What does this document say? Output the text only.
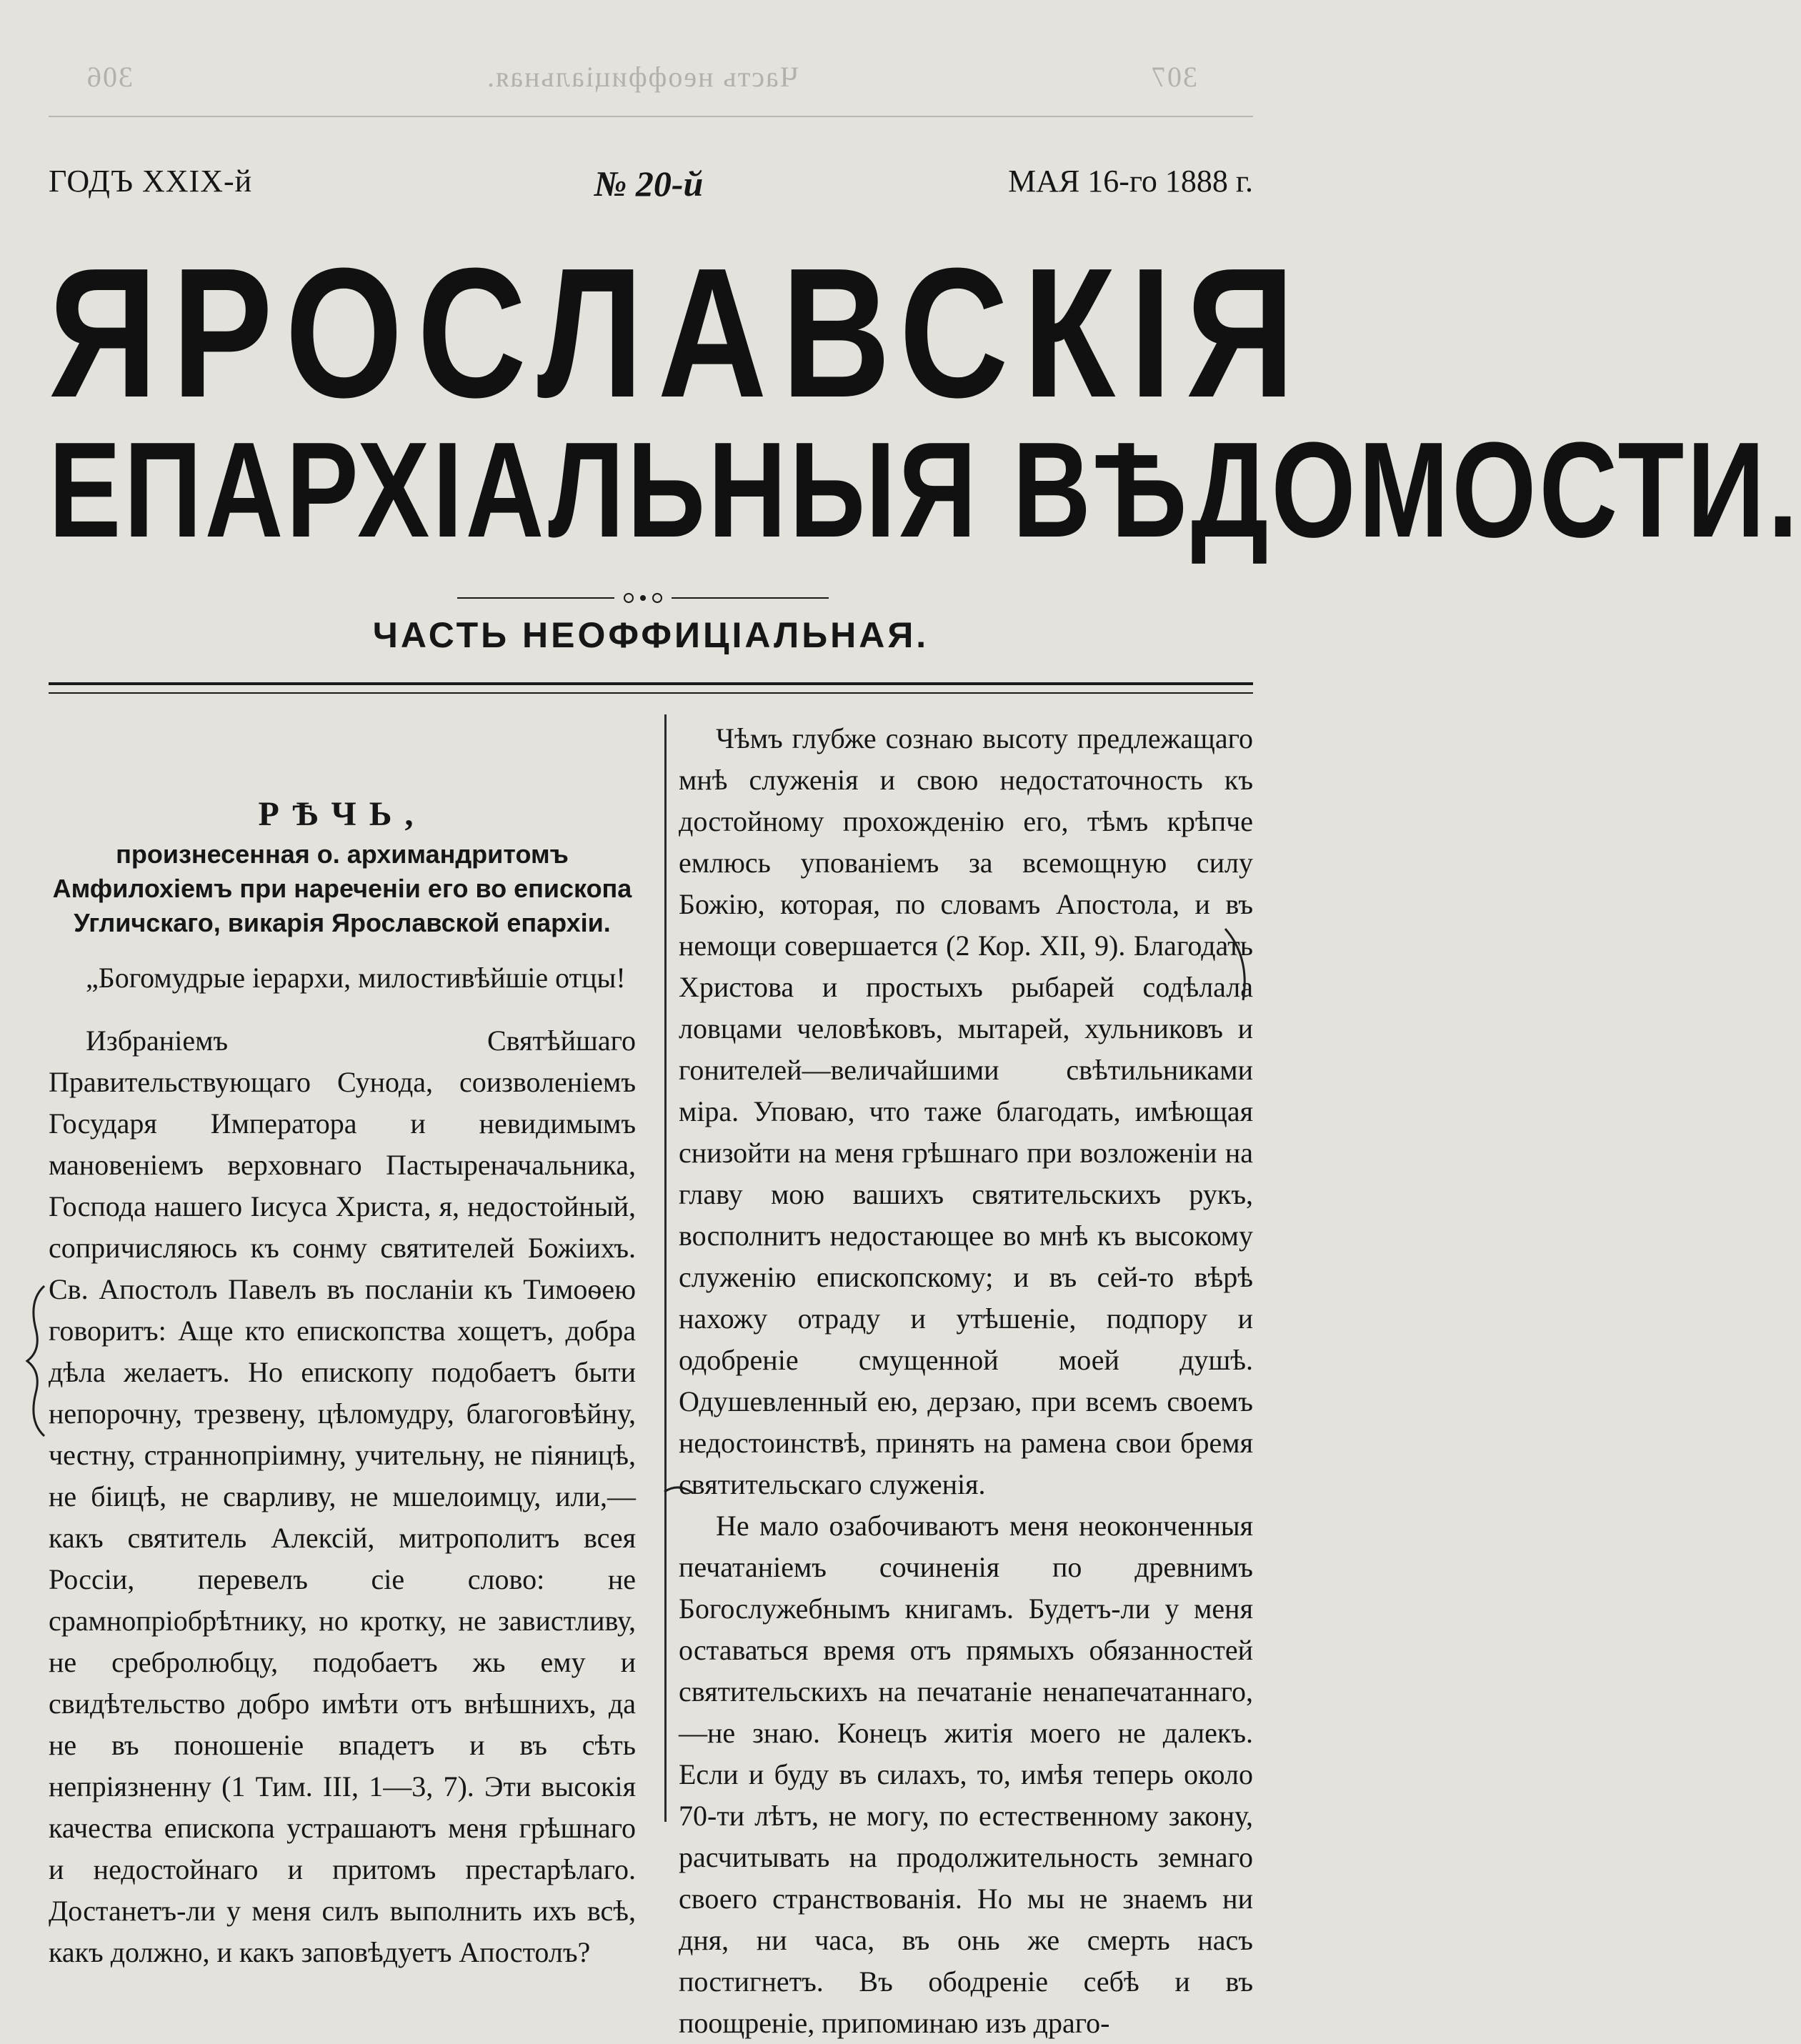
306	Часть неоффиціальная.	307
ГОДЪ XXIX-й	№ 20-й	МАЯ 16-го 1888 г.
ЯРОСЛАВСКІЯ
ЕПАРХІАЛЬНЫЯ ВѢДОМОСТИ.
ЧАСТЬ НЕОФФИЦІАЛЬНАЯ.
РѢЧЬ,
произнесенная о. архимандритомъ Амфилохіемъ при нареченіи его во епископа Угличскаго, викарія Ярославской епархіи.

„Богомудрые іерархи, милостивѣйшіе отцы!

Избраніемъ Святѣйшаго Правительствующаго Сунода, соизволеніемъ Государя Императора и невидимымъ мановеніемъ верховнаго Пастыреначальника, Господа нашего Іисуса Христа, я, недостойный, сопричисляюсь къ сонму святителей Божіихъ. Св. Апостолъ Павелъ въ посланіи къ Тимоѳею говоритъ: Аще кто епископства хощетъ, добра дѣла желаетъ. Но епископу подобаетъ быти непорочну, трезвену, цѣломудру, благоговѣйну, честну, страннопріимну, учительну, не піяницѣ, не біицѣ, не сварливу, не мшелоимцу, или,—какъ святитель Алексій, митрополитъ всея Россіи, перевелъ сіе слово: не срамнопріобрѣтнику, но кротку, не завистливу, не сребролюбцу, подобаетъ жь ему и свидѣтельство добро имѣти отъ внѣшнихъ, да не въ поношеніе впадетъ и въ сѣть непріязненну (1 Тим. III, 1—3, 7). Эти высокія качества епископа устрашаютъ меня грѣшнаго и недостойнаго и притомъ престарѣлаго. Достанетъ-ли у меня силъ выполнить ихъ всѣ, какъ должно, и какъ заповѣдуетъ Апостолъ?

Чѣмъ глубже сознаю высоту предлежащаго мнѣ служенія и свою недостаточность къ достойному прохожденію его, тѣмъ крѣпче емлюсь упованіемъ за всемощную силу Божію, которая, по словамъ Апостола, и въ немощи совершается (2 Кор. XII, 9). Благодать Христова и простыхъ рыбарей содѣлала ловцами человѣковъ, мытарей, хульниковъ и гонителей—величайшими свѣтильниками міра. Уповаю, что таже благодать, имѣющая снизойти на меня грѣшнаго при возложеніи на главу мою вашихъ святительскихъ рукъ, восполнитъ недостающее во мнѣ къ высокому служенію епископскому; и въ сей-то вѣрѣ нахожу отраду и утѣшеніе, подпору и одобреніе смущенной моей душѣ. Одушевленный ею, дерзаю, при всемъ своемъ недостоинствѣ, принять на рамена свои бремя святительскаго служенія.

Не мало озабочиваютъ меня неоконченныя печатаніемъ сочиненія по древнимъ Богослужебнымъ книгамъ. Будетъ-ли у меня оставаться время отъ прямыхъ обязанностей святительскихъ на печатаніе ненапечатаннаго,—не знаю. Конецъ житія моего не далекъ. Если и буду въ силахъ, то, имѣя теперь около 70-ти лѣтъ, не могу, по естественному закону, расчитывать на продолжительность земнаго своего странствованія. Но мы не знаемъ ни дня, ни часа, въ онь же смерть насъ постигнетъ. Въ ободреніе себѣ и въ поощреніе, припоминаю изъ драго-
